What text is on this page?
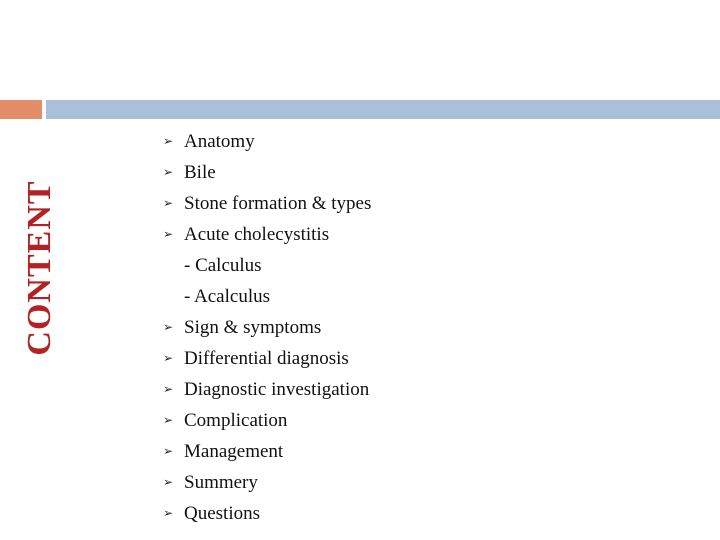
CONTENT
➢ Anatomy
➢ Bile
➢ Stone formation & types
➢ Acute cholecystitis
- Calculus
- Acalculus
➢ Sign & symptoms
➢ Differential diagnosis
➢ Diagnostic investigation
➢ Complication
➢ Management
➢ Summery
➢ Questions
